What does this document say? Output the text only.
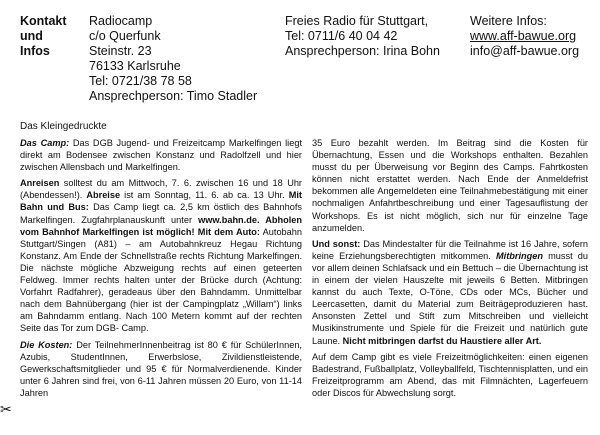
Kontakt
und
Infos
Radiocamp
c/o Querfunk
Steinstr. 23
76133 Karlsruhe
Tel: 0721/38 78 58
Ansprechperson: Timo Stadler
Freies Radio für Stuttgart,
Tel: 0711/6 40 04 42
Ansprechperson: Irina Bohn
Weitere Infos:
www.aff-bawue.org
info@aff-bawue.org
Das Kleingedruckte

Das Camp: Das DGB Jugend- und Freizeitcamp Markelfingen liegt direkt am Bodensee zwischen Konstanz und Radolfzell und hier zwischen Allensbach und Markelfingen.

Anreisen solltest du am Mittwoch, 7. 6. zwischen 16 und 18 Uhr (Abendessen!). Abreise ist am Sonntag, 11. 6. ab ca. 13 Uhr. Mit Bahn und Bus: Das Camp liegt ca. 2,5 km östlich des Bahnhofs Markelfingen. Zugfahrplanauskunft unter www.bahn.de. Abholen vom Bahnhof Markelfingen ist möglich! Mit dem Auto: Autobahn Stuttgart/Singen (A81) – am Autobahnkreuz Hegau Richtung Konstanz. Am Ende der Schnellstraße rechts Richtung Markelfingen. Die nächste mögliche Abzweigung rechts auf einen geteerten Feldweg. Immer rechts halten unter der Brücke durch (Achtung: Vorfahrt Radfahrer), geradeaus über den Bahndamm. Unmittelbar nach dem Bahnübergang (hier ist der Campingplatz „Willam“) links am Bahndamm entlang. Nach 100 Metern kommt auf der rechten Seite das Tor zum DGB- Camp.

Die Kosten: Der TeilnehmerInnenbeitrag ist 80 € für SchülerInnen, Azubis, StudentInnen, Erwerbslose, Zivildienstleistende, Gewerkschaftsmitglieder und 95 € für Normalverdienende. Kinder unter 6 Jahren sind frei, von 6-11 Jahren müssen 20 Euro, von 11-14 Jahren

35 Euro bezahlt werden. Im Beitrag sind die Kosten für Übernachtung, Essen und die Workshops enthalten. Bezahlen musst du per Überweisung vor Beginn des Camps. Fahrtkosten können nicht erstattet werden. Nach Ende der Anmeldefrist bekommen alle Angemeldeten eine Teilnahmebestätigung mit einer nochmaligen Anfahrtbeschreibung und einer Tagesauflistung der Workshops. Es ist nicht möglich, sich nur für einzelne Tage anzumelden.

Und sonst: Das Mindestalter für die Teilnahme ist 16 Jahre, sofern keine Erziehungsberechtigten mitkommen. Mitbringen musst du vor allem deinen Schlafsack und ein Bettuch – die Übernachtung ist in einem der vielen Hauszelte mit jeweils 6 Betten. Mitbringen kannst du auch Texte, O-Töne, CDs oder MCs, Bücher und Leercasetten, damit du Material zum Beiträgeproduzieren hast. Ansonsten Zettel und Stift zum Mitschreiben und vielleicht Musikinstrumente und Spiele für die Freizeit und natürlich gute Laune. Nicht mitbringen darfst du Haustiere aller Art.

Auf dem Camp gibt es viele Freizeitmöglichkeiten: einen eigenen Badestrand, Fußballplatz, Volleyballfeld, Tischtennisplatten, und ein Freizeitprogramm am Abend, das mit Filmnächten, Lagerfeuern oder Discos für Abwechslung sorgt.

✂
